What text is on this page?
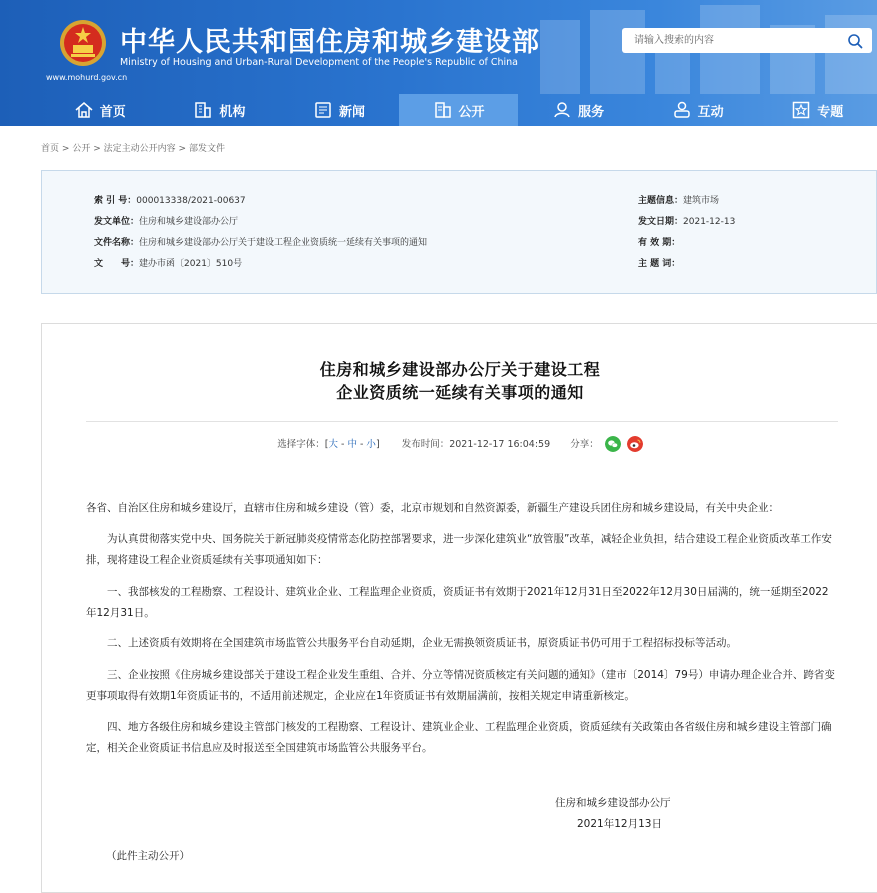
中华人民共和国住房和城乡建设部
Ministry of Housing and Urban-Rural Development of the People's Republic of China
www.mohurd.gov.cn
请输入搜索的内容
首页	机构	新闻	公开	服务	互动	专题
首页 > 公开 > 法定主动公开内容 > 部发文件
索 引 号：000013338/2021-00637
发文单位：住房和城乡建设部办公厅
文件名称：住房和城乡建设部办公厅关于建设工程企业资质统一延续有关事项的通知
文　　号：建办市函〔2021〕510号
主题信息：建筑市场
发文日期：2021-12-13
有 效 期：
主 题 词：
住房和城乡建设部办公厅关于建设工程
企业资质统一延续有关事项的通知
选择字体：[大 - 中 - 小] 发布时间：2021-12-17 16:04:59 分享：
各省、自治区住房和城乡建设厅，直辖市住房和城乡建设（管）委，北京市规划和自然资源委，新疆生产建设兵团住房和城乡建设局，有关中央企业：
　　为认真贯彻落实党中央、国务院关于新冠肺炎疫情常态化防控部署要求，进一步深化建筑业“放管服”改革，减轻企业负担，结合建设工程企业资质改革工作安排，现将建设工程企业资质延续有关事项通知如下：
　　一、我部核发的工程勘察、工程设计、建筑业企业、工程监理企业资质，资质证书有效期于2021年12月31日至2022年12月30日届满的，统一延期至2022年12月31日。
　　二、上述资质有效期将在全国建筑市场监管公共服务平台自动延期，企业无需换领资质证书，原资质证书仍可用于工程招标投标等活动。
　　三、企业按照《住房城乡建设部关于建设工程企业发生重组、合并、分立等情况资质核定有关问题的通知》（建市〔2014〕79号）申请办理企业合并、跨省变更事项取得有效期1年资质证书的，不适用前述规定，企业应在1年资质证书有效期届满前，按相关规定申请重新核定。
　　四、地方各级住房和城乡建设主管部门核发的工程勘察、工程设计、建筑业企业、工程监理企业资质，资质延续有关政策由各省级住房和城乡建设主管部门确定，相关企业资质证书信息应及时报送至全国建筑市场监管公共服务平台。
住房和城乡建设部办公厅
2021年12月13日
（此件主动公开）
